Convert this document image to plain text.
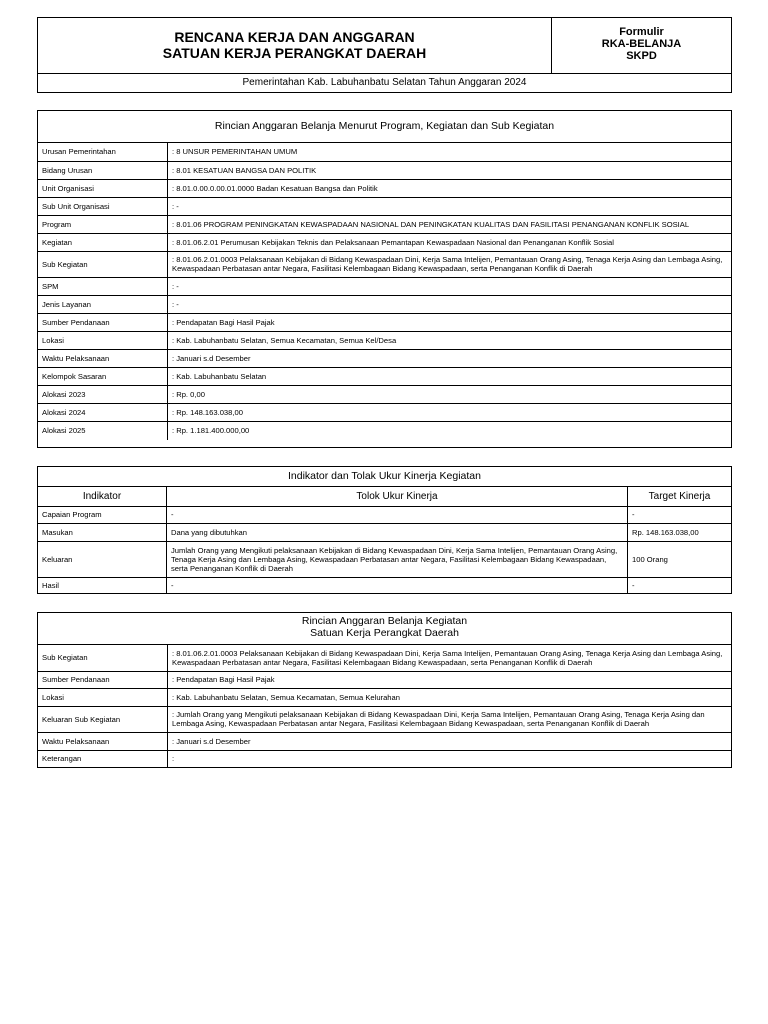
RENCANA KERJA DAN ANGGARAN
SATUAN KERJA PERANGKAT DAERAH

Formulir
RKA-BELANJA
SKPD

Pemerintahan Kab. Labuhanbatu Selatan Tahun Anggaran 2024
Rincian Anggaran Belanja Menurut Program, Kegiatan dan Sub Kegiatan
Urusan Pemerintahan	: 8 UNSUR PEMERINTAHAN UMUM
Bidang Urusan	: 8.01 KESATUAN BANGSA DAN POLITIK
Unit Organisasi	: 8.01.0.00.0.00.01.0000 Badan Kesatuan Bangsa dan Politik
Sub Unit Organisasi	: -
Program	: 8.01.06 PROGRAM PENINGKATAN KEWASPADAAN NASIONAL DAN PENINGKATAN KUALITAS DAN FASILITASI PENANGANAN KONFLIK SOSIAL
Kegiatan	: 8.01.06.2.01 Perumusan Kebijakan Teknis dan Pelaksanaan Pemantapan Kewaspadaan Nasional dan Penanganan Konflik Sosial
Sub Kegiatan	: 8.01.06.2.01.0003 Pelaksanaan Kebijakan di Bidang Kewaspadaan Dini, Kerja Sama Intelijen, Pemantauan Orang Asing, Tenaga Kerja Asing dan Lembaga Asing, Kewaspadaan Perbatasan antar Negara, Fasilitasi Kelembagaan Bidang Kewaspadaan, serta Penanganan Konflik di Daerah
SPM	: -
Jenis Layanan	: -
Sumber Pendanaan	: Pendapatan Bagi Hasil Pajak
Lokasi	: Kab. Labuhanbatu Selatan, Semua Kecamatan, Semua Kel/Desa
Waktu Pelaksanaan	: Januari s.d Desember
Kelompok Sasaran	: Kab. Labuhanbatu Selatan
Alokasi 2023	: Rp. 0,00
Alokasi 2024	: Rp. 148.163.038,00
Alokasi 2025	: Rp. 1.181.400.000,00
Indikator dan Tolak Ukur Kinerja Kegiatan
Indikator	Tolok Ukur Kinerja	Target Kinerja
Capaian Program	-	-
Masukan	Dana yang dibutuhkan	Rp. 148.163.038,00
Keluaran	Jumlah Orang yang Mengikuti pelaksanaan Kebijakan di Bidang Kewaspadaan Dini, Kerja Sama Intelijen, Pemantauan Orang Asing, Tenaga Kerja Asing dan Lembaga Asing, Kewaspadaan Perbatasan antar Negara, Fasilitasi Kelembagaan Bidang Kewaspadaan, serta Penanganan Konflik di Daerah	100 Orang
Hasil	-	-
Rincian Anggaran Belanja Kegiatan
Satuan Kerja Perangkat Daerah
Sub Kegiatan	: 8.01.06.2.01.0003 Pelaksanaan Kebijakan di Bidang Kewaspadaan Dini, Kerja Sama Intelijen, Pemantauan Orang Asing, Tenaga Kerja Asing dan Lembaga Asing, Kewaspadaan Perbatasan antar Negara, Fasilitasi Kelembagaan Bidang Kewaspadaan, serta Penanganan Konflik di Daerah
Sumber Pendanaan	: Pendapatan Bagi Hasil Pajak
Lokasi	: Kab. Labuhanbatu Selatan, Semua Kecamatan, Semua Kelurahan
Keluaran Sub Kegiatan	: Jumlah Orang yang Mengikuti pelaksanaan Kebijakan di Bidang Kewaspadaan Dini, Kerja Sama Intelijen, Pemantauan Orang Asing, Tenaga Kerja Asing dan Lembaga Asing, Kewaspadaan Perbatasan antar Negara, Fasilitasi Kelembagaan Bidang Kewaspadaan, serta Penanganan Konflik di Daerah
Waktu Pelaksanaan	: Januari s.d Desember
Keterangan	:
